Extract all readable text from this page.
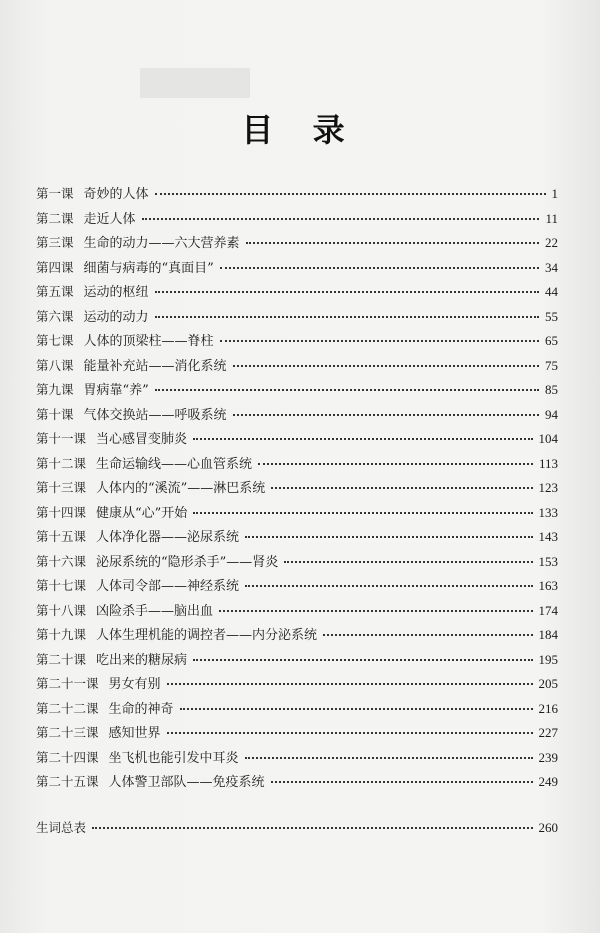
目 录
第一课 奇妙的人体	1
第二课 走近人体	11
第三课 生命的动力——六大营养素	22
第四课 细菌与病毒的“真面目”	34
第五课 运动的枢纽	44
第六课 运动的动力	55
第七课 人体的顶梁柱——脊柱	65
第八课 能量补充站——消化系统	75
第九课 胃病靠“养”	85
第十课 气体交换站——呼吸系统	94
第十一课 当心感冒变肺炎	104
第十二课 生命运输线——心血管系统	113
第十三课 人体内的“溪流”——淋巴系统	123
第十四课 健康从“心”开始	133
第十五课 人体净化器——泌尿系统	143
第十六课 泌尿系统的“隐形杀手”——肾炎	153
第十七课 人体司令部——神经系统	163
第十八课 凶险杀手——脑出血	174
第十九课 人体生理机能的调控者——内分泌系统	184
第二十课 吃出来的糖尿病	195
第二十一课 男女有别	205
第二十二课 生命的神奇	216
第二十三课 感知世界	227
第二十四课 坐飞机也能引发中耳炎	239
第二十五课 人体警卫部队——免疫系统	249
生词总表	260
